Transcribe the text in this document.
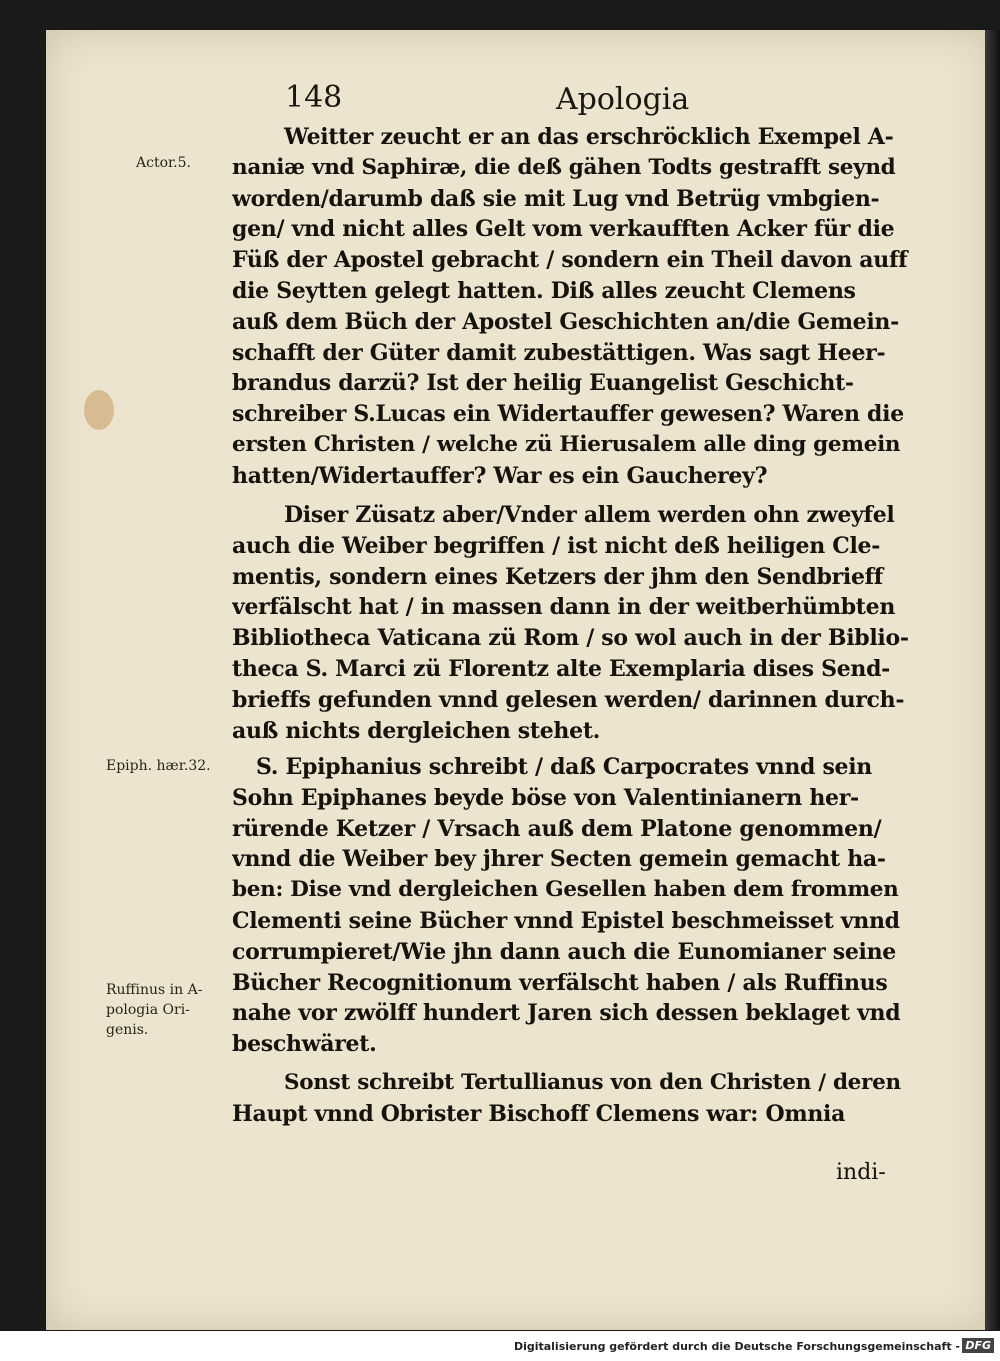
148	Apologia
Actor.5.
Epiph. hær.32.
Ruffinus in A-
pologia Ori-
genis.
Weitter zeucht er an das erschröcklich Exempel A-
naniæ vnd Saphiræ, die deß gähen Todts gestrafft seynd
worden/darumb daß sie mit Lug vnd Betrüg vmbgien-
gen/ vnd nicht alles Gelt vom verkaufften Acker für die
Füß der Apostel gebracht / sondern ein Theil davon auff
die Seytten gelegt hatten. Diß alles zeucht Clemens
auß dem Büch der Apostel Geschichten an/die Gemein-
schafft der Güter damit zubestättigen. Was sagt Heer-
brandus darzü? Ist der heilig Euangelist Geschicht-
schreiber S.Lucas ein Widertauffer gewesen? Waren die
ersten Christen / welche zü Hierusalem alle ding gemein
hatten/Widertauffer? War es ein Gaucherey?
Diser Züsatz aber/Vnder allem werden ohn zweyfel
auch die Weiber begriffen / ist nicht deß heiligen Cle-
mentis, sondern eines Ketzers der jhm den Sendbrieff
verfälscht hat / in massen dann in der weitberhümbten
Bibliotheca Vaticana zü Rom / so wol auch in der Biblio-
theca S. Marci zü Florentz alte Exemplaria dises Send-
brieffs gefunden vnnd gelesen werden/ darinnen durch-
auß nichts dergleichen stehet.
S. Epiphanius schreibt / daß Carpocrates vnnd sein
Sohn Epiphanes beyde böse von Valentinianern her-
rürende Ketzer / Vrsach auß dem Platone genommen/
vnnd die Weiber bey jhrer Secten gemein gemacht ha-
ben: Dise vnd dergleichen Gesellen haben dem frommen
Clementi seine Bücher vnnd Epistel beschmeisset vnnd
corrumpieret/Wie jhn dann auch die Eunomianer seine
Bücher Recognitionum verfälscht haben / als Ruffinus
nahe vor zwölff hundert Jaren sich dessen beklaget vnd
beschwäret.
Sonst schreibt Tertullianus von den Christen / deren
Haupt vnnd Obrister Bischoff Clemens war: Omnia
indi-
Digitalisierung gefördert durch die Deutsche Forschungsgemeinschaft - DFG
